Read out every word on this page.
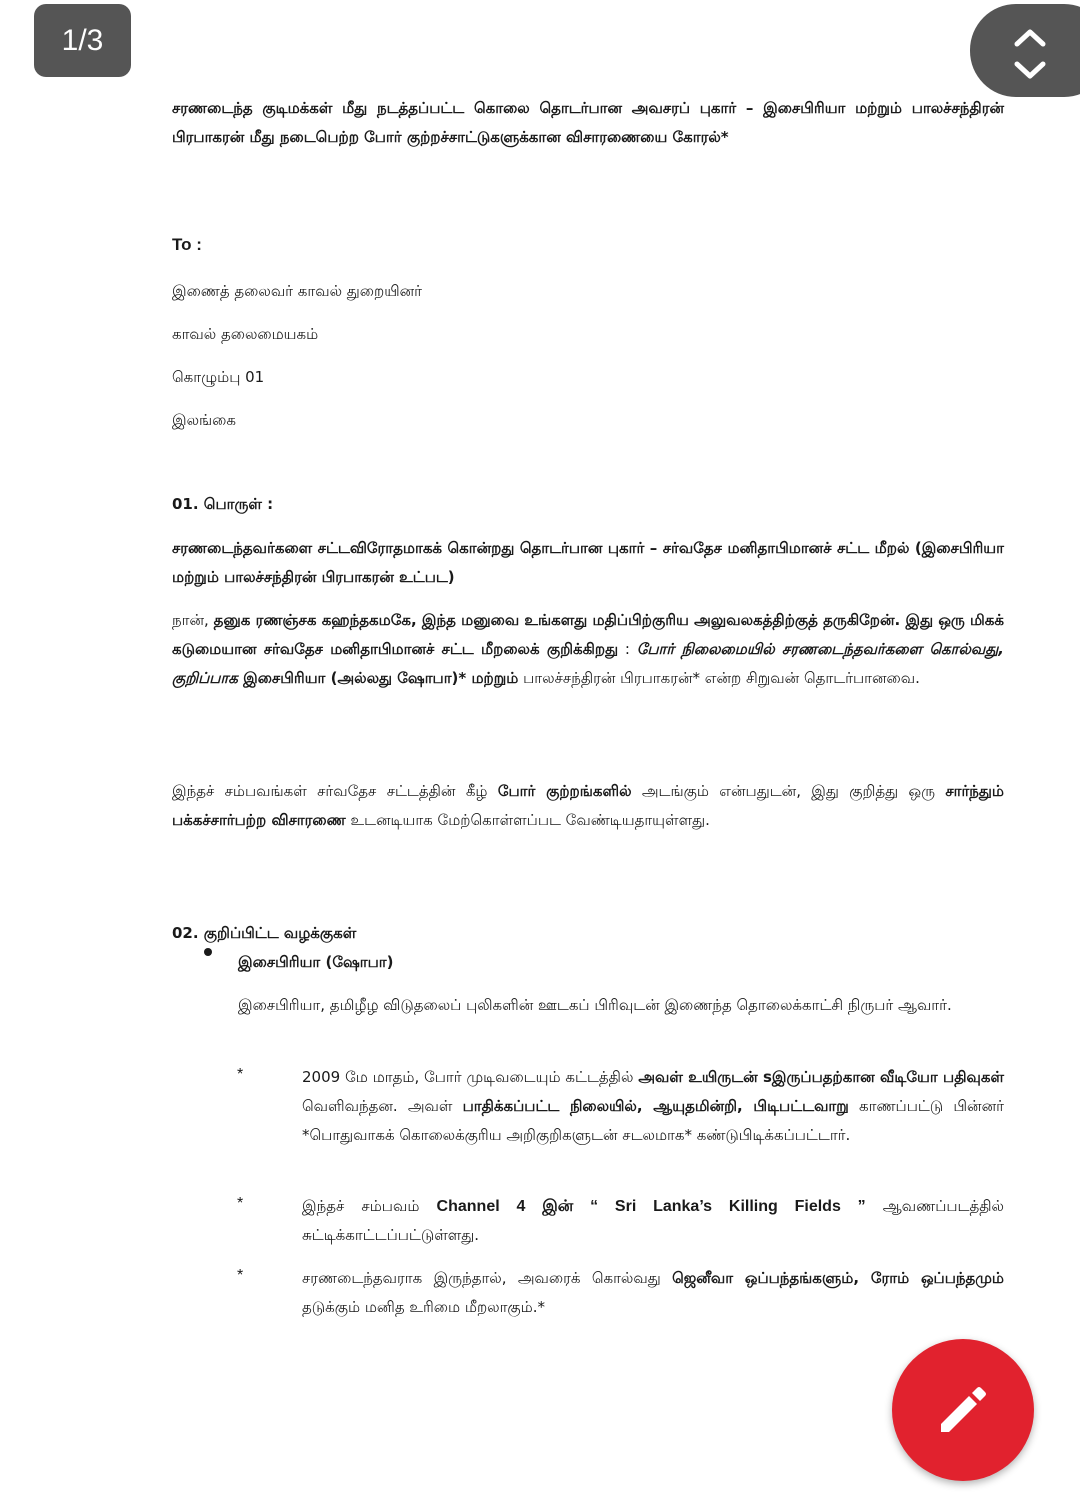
1/3
சரணடைந்த குடிமக்கள் மீது நடத்தப்பட்ட கொலை தொடர்பான அவசரப் புகார் – இசைபிரியா மற்றும் பாலச்சந்திரன் பிரபாகரன் மீது நடைபெற்ற போர் குற்றச்சாட்டுகளுக்கான விசாரணையை கோரல்*
To :
இணைத் தலைவர் காவல் துறையினர்
காவல் தலைமையகம்
கொழும்பு 01
இலங்கை
01. பொருள் :
சரணடைந்தவர்களை சட்டவிரோதமாகக் கொன்றது தொடர்பான புகார் – சர்வதேச மனிதாபிமானச் சட்ட மீறல் (இசைபிரியா மற்றும் பாலச்சந்திரன் பிரபாகரன் உட்பட)
நான், தனுக ரணஞ்சக கஹந்தகமகே, இந்த மனுவை உங்களது மதிப்பிற்குரிய அலுவலகத்திற்குத் தருகிறேன். இது ஒரு மிகக் கடுமையான சர்வதேச மனிதாபிமானச் சட்ட மீறலைக் குறிக்கிறது : போர் நிலைமையில் சரணடைந்தவர்களை கொல்வது, குறிப்பாக இசைபிரியா (அல்லது ஷோபா)* மற்றும் பாலச்சந்திரன் பிரபாகரன்* என்ற சிறுவன் தொடர்பானவை.
இந்தச் சம்பவங்கள் சர்வதேச சட்டத்தின் கீழ் போர் குற்றங்களில் அடங்கும் என்பதுடன், இது குறித்து ஒரு சார்ந்தும் பக்கச்சார்பற்ற விசாரணை உடனடியாக மேற்கொள்ளப்பட வேண்டியதாயுள்ளது.
02. குறிப்பிட்ட வழக்குகள்
இசைபிரியா (ஷோபா)
இசைபிரியா, தமிழீழ விடுதலைப் புலிகளின் ஊடகப் பிரிவுடன் இணைந்த தொலைக்காட்சி நிருபர் ஆவார்.
*	2009 மே மாதம், போர் முடிவடையும் கட்டத்தில் அவள் உயிருடன் sஇருப்பதற்கான வீடியோ பதிவுகள் வெளிவந்தன. அவள் பாதிக்கப்பட்ட நிலையில், ஆயுதமின்றி, பிடிபட்டவாறு காணப்பட்டு பின்னர் *பொதுவாகக் கொலைக்குரிய அறிகுறிகளுடன் சடலமாக* கண்டுபிடிக்கப்பட்டார்.
*	இந்தச் சம்பவம் Channel 4 இன் “ Sri Lanka’s Killing Fields ” ஆவணப்படத்தில் சுட்டிக்காட்டப்பட்டுள்ளது.
*	சரணடைந்தவராக இருந்தால், அவரைக் கொல்வது ஜெனீவா ஒப்பந்தங்களும், ரோம் ஒப்பந்தமும் தடுக்கும் மனித உரிமை மீறலாகும்.*
